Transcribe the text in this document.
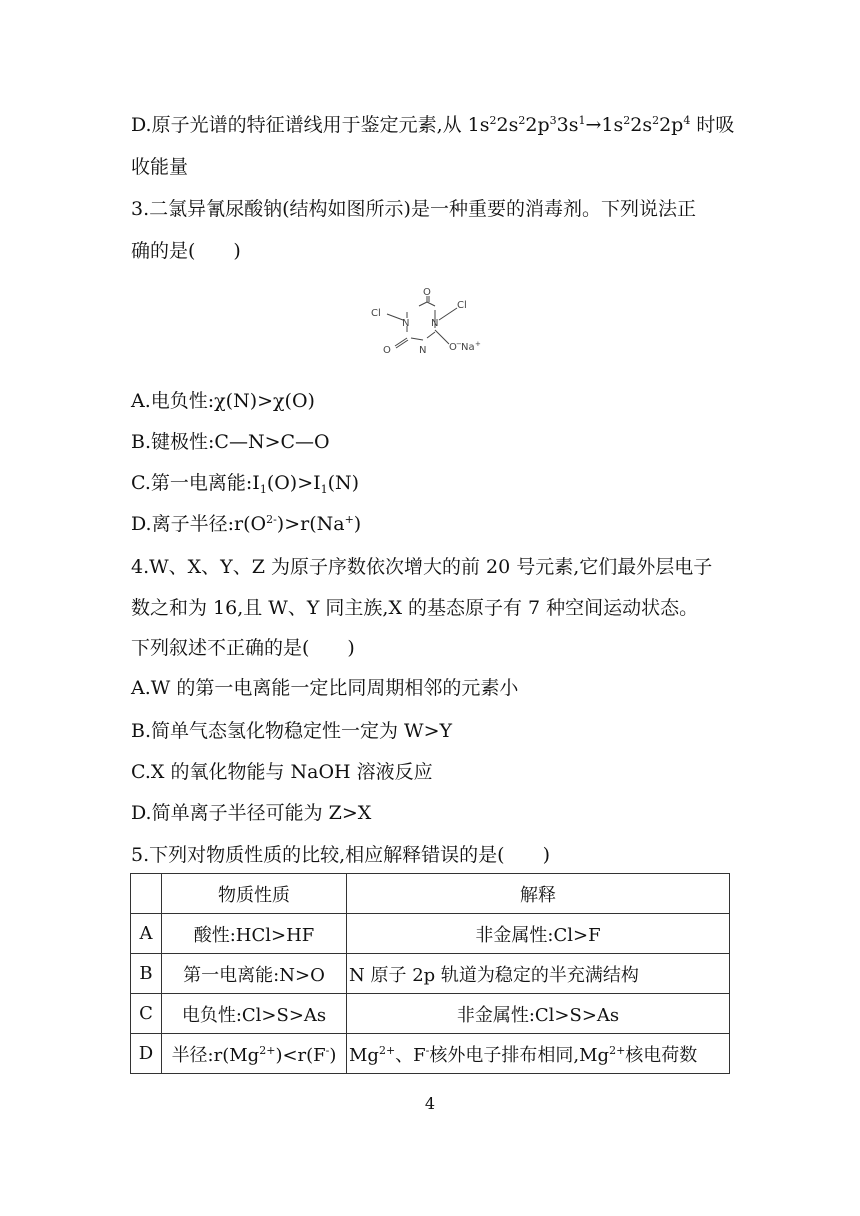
D.原子光谱的特征谱线用于鉴定元素,从 $1s^22s^22p^33s^1\to 1s^22s^22p^4$ 时吸
收能量
3.二氯异氰尿酸钠(结构如图所示)是一种重要的消毒剂。下列说法正
确的是(　　)
O
Cl
Cl
N N
N
O	O − Na +
A.电负性:χ(N)>χ(O)
B.键极性:C—N>C—O
C.第一电离能$:I_1(O)>I_1(N)$
D.离子半径$:r(O^{2-})>r(Na^+)$
4.W、X、Y、Z 为原子序数依次增大的前 20 号元素,它们最外层电子
数之和为 16,且 W、Y 同主族,X 的基态原子有 7 种空间运动状态。
下列叙述不正确的是(　　)
A.W 的第一电离能一定比同周期相邻的元素小
B.简单气态氢化物稳定性一定为 W>Y
C.X 的氧化物能与 NaOH 溶液反应
D.简单离子半径可能为 Z>X
5.下列对物质性质的比较,相应解释错误的是(　　)
	物质性质	解释
A	酸性:HCl>HF	非金属性:Cl>F
B	第一电离能:N>O	N 原子 2p 轨道为稳定的半充满结构
C	电负性:Cl>S>As	非金属性:Cl>S>As
D	半径$:r(Mg^{2+})<r(F^-)$	$Mg^{2+}$、F-核外电子排布相同$,Mg^{2+}$核电荷数
4
